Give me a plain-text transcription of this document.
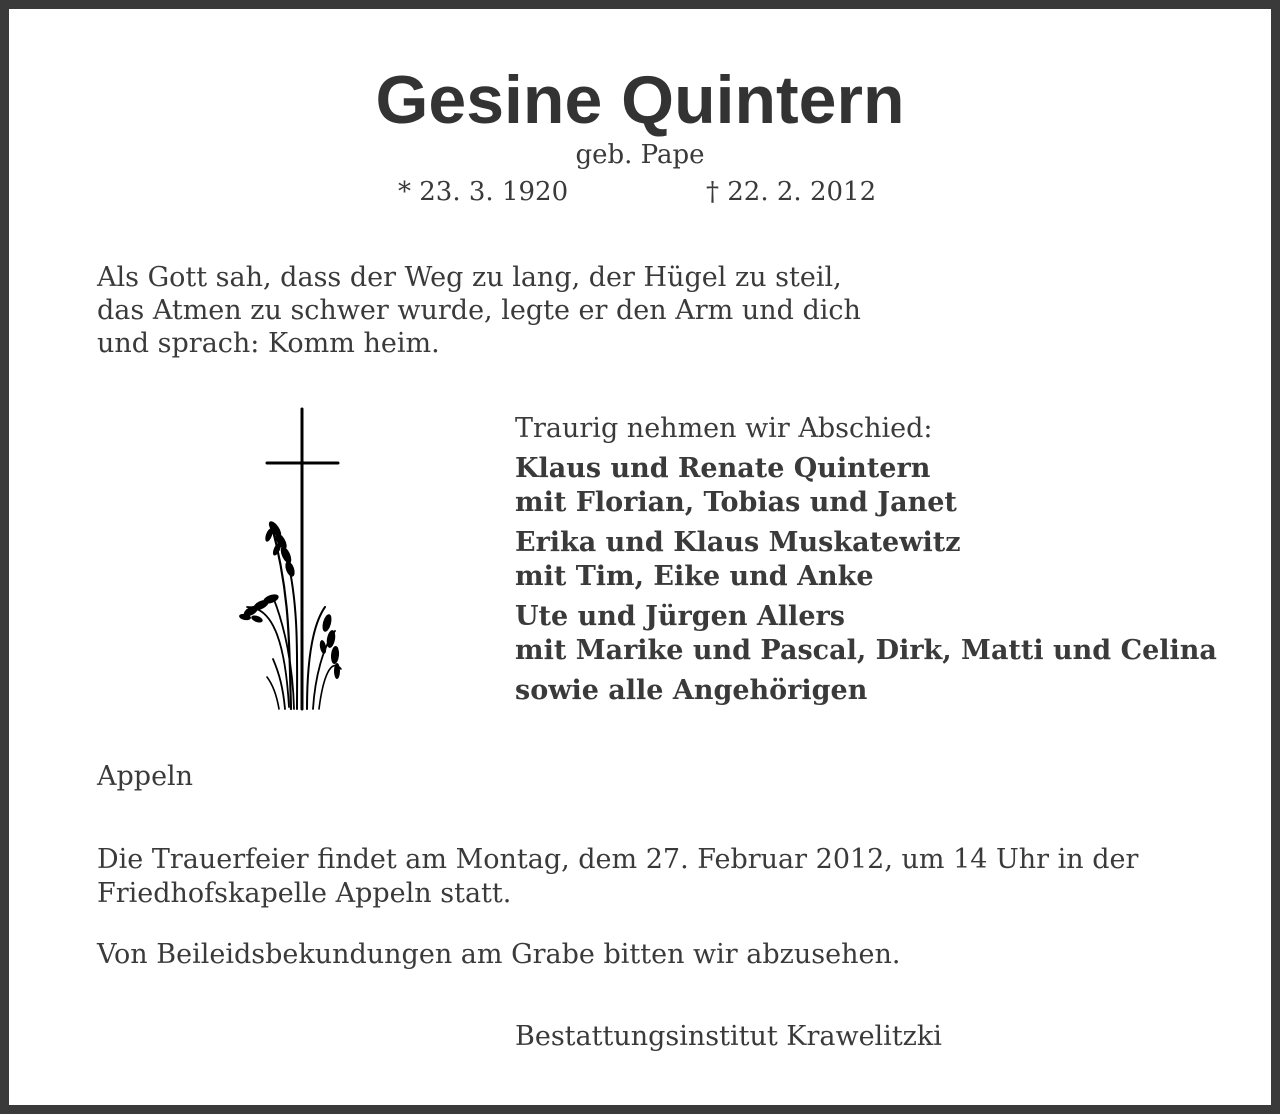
Gesine Quintern
geb. Pape
* 23. 3. 1920	† 22. 2. 2012
Als Gott sah, dass der Weg zu lang, der Hügel zu steil,
das Atmen zu schwer wurde, legte er den Arm und dich
und sprach: Komm heim.
Traurig nehmen wir Abschied:
Klaus und Renate Quintern
mit Florian, Tobias und Janet
Erika und Klaus Muskatewitz
mit Tim, Eike und Anke
Ute und Jürgen Allers
mit Marike und Pascal, Dirk, Matti und Celina
sowie alle Angehörigen
Appeln
Die Trauerfeier findet am Montag, dem 27. Februar 2012, um 14 Uhr in der
Friedhofskapelle Appeln statt.
Von Beileidsbekundungen am Grabe bitten wir abzusehen.
Bestattungsinstitut Krawelitzki
